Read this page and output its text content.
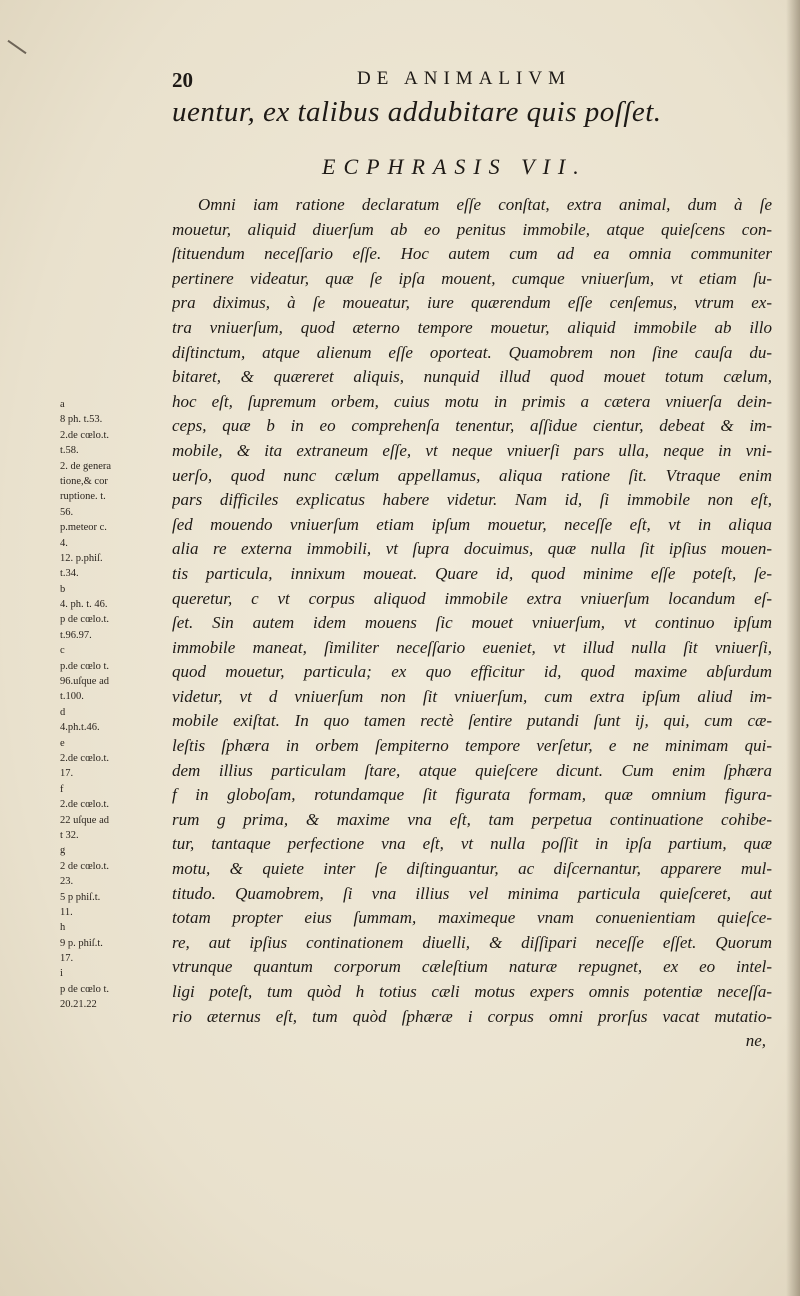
20	DE ANIMALIVM
uentur, ex talibus addubitare quis poſſet.
ECPHRASIS VII.
Omni iam ratione declaratum eſſe conſtat, extra animal, dum à ſe
mouetur, aliquid diuerſum ab eo penitus immobile, atque quieſcens con-
ſtituendum neceſſario eſſe. Hoc autem cum ad ea omnia communiter
pertinere videatur, quæ ſe ipſa mouent, cumque vniuerſum, vt etiam ſu-
pra diximus, à ſe moueatur, iure quærendum eſſe cenſemus, vtrum ex-
tra vniuerſum, quod æterno tempore mouetur, aliquid immobile ab illo
diſtinctum, atque alienum eſſe oporteat. Quamobrem non ſine cauſa du-
bitaret, & quæreret aliquis, nunquid illud quod mouet totum cælum,
hoc eſt, ſupremum orbem, cuius motu in primis a cætera vniuerſa dein-
ceps, quæ b in eo comprehenſa tenentur, aſſidue cientur, debeat & im-
mobile, & ita extraneum eſſe, vt neque vniuerſi pars ulla, neque in vni-
uerſo, quod nunc cælum appellamus, aliqua ratione ſit. Vtraque enim
pars difficiles explicatus habere videtur. Nam id, ſi immobile non eſt,
ſed mouendo vniuerſum etiam ipſum mouetur, neceſſe eſt, vt in aliqua
alia re externa immobili, vt ſupra docuimus, quæ nulla ſit ipſius mouen-
tis particula, innixum moueat. Quare id, quod minime eſſe poteſt, ſe-
queretur, c vt corpus aliquod immobile extra vniuerſum locandum eſ-
ſet. Sin autem idem mouens ſic mouet vniuerſum, vt continuo ipſum
immobile maneat, ſimiliter neceſſario eueniet, vt illud nulla ſit vniuerſi,
quod mouetur, particula; ex quo efficitur id, quod maxime abſurdum
videtur, vt d vniuerſum non ſit vniuerſum, cum extra ipſum aliud im-
mobile exiſtat. In quo tamen rectè ſentire putandi ſunt ij, qui, cum cæ-
leſtis ſphæra in orbem ſempiterno tempore verſetur, e ne minimam qui-
dem illius particulam ſtare, atque quieſcere dicunt. Cum enim ſphæra
f in globoſam, rotundamque ſit figurata formam, quæ omnium figura-
rum g prima, & maxime vna eſt, tam perpetua continuatione cohibe-
tur, tantaque perfectione vna eſt, vt nulla poſſit in ipſa partium, quæ
motu, & quiete inter ſe diſtinguantur, ac diſcernantur, apparere mul-
titudo. Quamobrem, ſi vna illius vel minima particula quieſceret, aut
totam propter eius ſummam, maximeque vnam conuenientiam quieſce-
re, aut ipſius continationem diuelli, & diſſipari neceſſe eſſet. Quorum
vtrunque quantum corporum cæleſtium naturæ repugnet, ex eo intel-
ligi poteſt, tum quòd h totius cæli motus expers omnis potentiæ neceſſa-
rio æternus eſt, tum quòd ſphæræ i corpus omni prorſus vacat mutatio-
ne,
a
8 ph. t.53.
2.de cœlo.t.
t.58.
2. de genera
tione,& cor
ruptione. t.
56.
p.meteor c.
4.
12. p.phiſ.
t.34.
b
4. ph. t. 46.
p de cœlo.t.
t.96.97.
c
p.de cœlo t.
96.uſque ad
t.100.
d
4.ph.t.46.
e
2.de cœlo.t.
17.
f
2.de cœlo.t.
22 uſque ad
t 32.
g
2 de cœlo.t.
23.
5 p phiſ.t.
11.
h
9 p. phiſ.t.
17.
i
p de cœlo t.
20.21.22
